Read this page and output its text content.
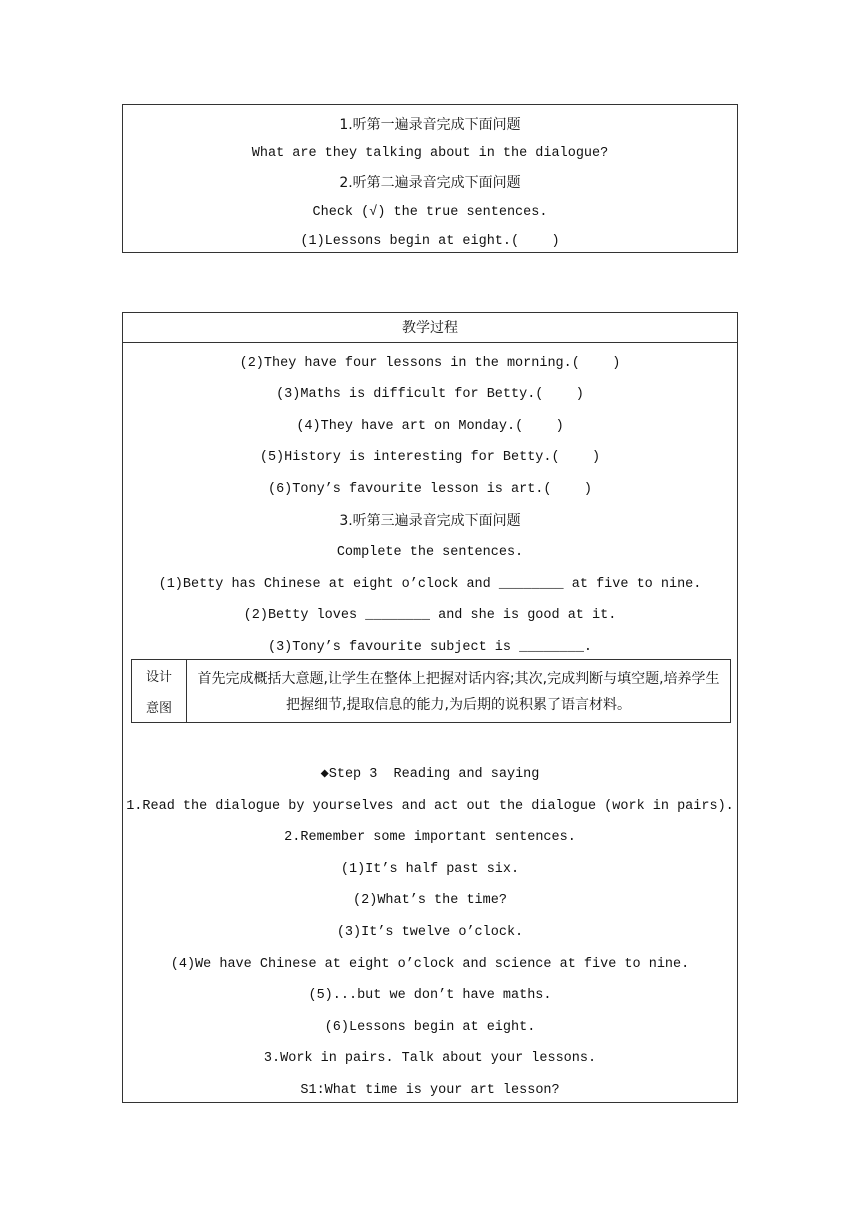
1.听第一遍录音完成下面问题
What are they talking about in the dialogue?
2.听第二遍录音完成下面问题
Check (√) the true sentences.
(1)Lessons begin at eight.(    )
教学过程
(2)They have four lessons in the morning.(    )
(3)Maths is difficult for Betty.(    )
(4)They have art on Monday.(    )
(5)History is interesting for Betty.(    )
(6)Tony’s favourite lesson is art.(    )
3.听第三遍录音完成下面问题
Complete the sentences.
(1)Betty has Chinese at eight o’clock and ________ at five to nine.
(2)Betty loves ________ and she is good at it.
(3)Tony’s favourite subject is ________.
设计
意图
首先完成概括大意题,让学生在整体上把握对话内容;其次,完成判断与填空题,培养学生把握细节,提取信息的能力,为后期的说积累了语言材料。
◆Step 3  Reading and saying
1.Read the dialogue by yourselves and act out the dialogue (work in pairs).
2.Remember some important sentences.
(1)It’s half past six.
(2)What’s the time?
(3)It’s twelve o’clock.
(4)We have Chinese at eight o’clock and science at five to nine.
(5)...but we don’t have maths.
(6)Lessons begin at eight.
3.Work in pairs. Talk about your lessons.
S1:What time is your art lesson?
